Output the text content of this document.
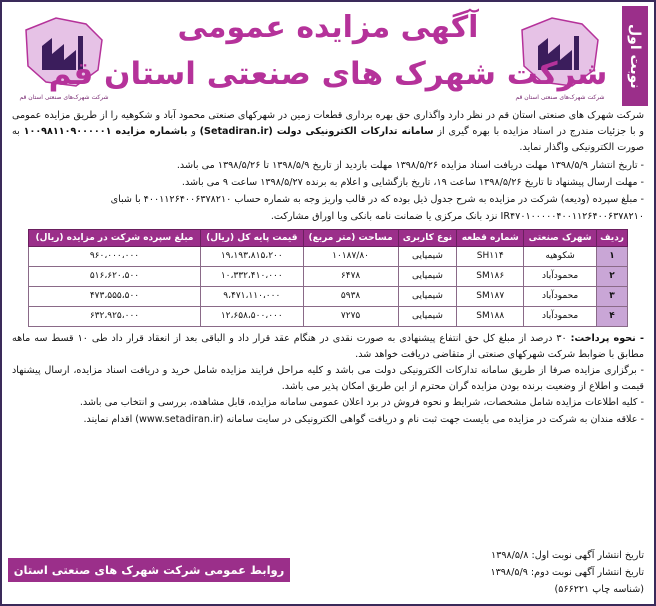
شرکت شهرک‌های صنعتی استان قم	شرکت شهرک‌های صنعتی استان قم
نوبت اول
آگهی مزایده عمومی
شرکت شهرک های صنعتی استان قم

شرکت شهرک های صنعتی استان قم در نظر دارد واگذاری حق بهره برداری قطعات زمین در شهرکهای صنعتی محمود آباد و شکوهیه را از طریق مزایده عمومی و با جزئیات مندرج در اسناد مزایده با بهره گیری از سامانه تدارکات الکترونیکی دولت (Setadiran.ir) و باشماره مزایده ۱۰۰۹۸۱۱۰۹۰۰۰۰۰۱ به صورت الکترونیکی واگذار نماید.

- تاریخ انتشار ۱۳۹۸/۵/۹ مهلت دریافت اسناد مزایده ۱۳۹۸/۵/۲۶ مهلت بازدید از تاریخ ۱۳۹۸/۵/۹ تا ۱۳۹۸/۵/۲۶ می باشد.
- مهلت ارسال پیشنهاد تا تاریخ ۱۳۹۸/۵/۲۶ ساعت ۱۹، تاریخ بازگشایی و اعلام به برنده ۱۳۹۸/۵/۲۷ ساعت ۹ می باشد.
- مبلغ سپرده (ودیعه) شرکت در مزایده به شرح جدول ذیل بوده که در قالب واریز وجه به شماره حساب ۴۰۰۱۱۲۶۴۰۰۶۳۷۸۲۱۰ با شبای
IR۴۷۰۱۰۰۰۰۰۴۰۰۱۱۲۶۴۰۰۶۳۷۸۲۱۰ نزد بانک مرکزی یا ضمانت نامه بانکی ویا اوراق مشارکت.
ردیف	شهرک صنعتی	شماره قطعه	نوع کاربری	مساحت (متر مربع)	قیمت پایه کل (ریال)	مبلغ سپرده شرکت در مزایده (ریال)
۱	شکوهیه	SH۱۱۴	شیمیایی	۱۰۱۸۷/۸۰	۱۹،۱۹۳،۸۱۵،۲۰۰	۹۶۰،۰۰۰،۰۰۰
۲	محمودآباد	SM۱۸۶	شیمیایی	۶۴۷۸	۱۰،۳۳۲،۴۱۰،۰۰۰	۵۱۶،۶۲۰،۵۰۰
۳	محمودآباد	SM۱۸۷	شیمیایی	۵۹۳۸	۹،۴۷۱،۱۱۰،۰۰۰	۴۷۳،۵۵۵،۵۰۰
۴	محمودآباد	SM۱۸۸	شیمیایی	۷۲۷۵	۱۲،۶۵۸،۵۰۰،۰۰۰	۶۳۲،۹۲۵،۰۰۰

- نحوه پرداخت: ۳۰ درصد از مبلغ کل حق انتفاع پیشنهادی به صورت نقدی در هنگام عقد قرار داد و الباقی بعد از انعقاد قرار داد طی ۱۰ قسط سه ماهه مطابق با ضوابط شرکت شهرکهای صنعتی از متقاضی دریافت خواهد شد.

- برگزاری مزایده صرفا از طریق سامانه تدارکات الکترونیکی دولت می باشد و کلیه مراحل فرایند مزایده شامل خرید و دریافت اسناد مزایده، ارسال پیشنهاد قیمت و اطلاع از وضعیت برنده بودن مزایده گران محترم از این طریق امکان پذیر می باشد.

- کلیه اطلاعات مزایده شامل مشخصات، شرایط و نحوه فروش در برد اعلان عمومی سامانه مزایده، قابل مشاهده، بررسی و انتخاب می باشد.

- علاقه مندان به شرکت در مزایده می بایست جهت ثبت نام و دریافت گواهی الکترونیکی در سایت سامانه (www.setadiran.ir) اقدام نمایند.

تاریخ انتشار آگهی نوبت اول: ۱۳۹۸/۵/۸
تاریخ انتشار آگهی نوبت دوم: ۱۳۹۸/۵/۹
(شناسه چاپ ۵۶۶۲۲۱)
روابط عمومی شرکت شهرک های صنعتی استان قم
